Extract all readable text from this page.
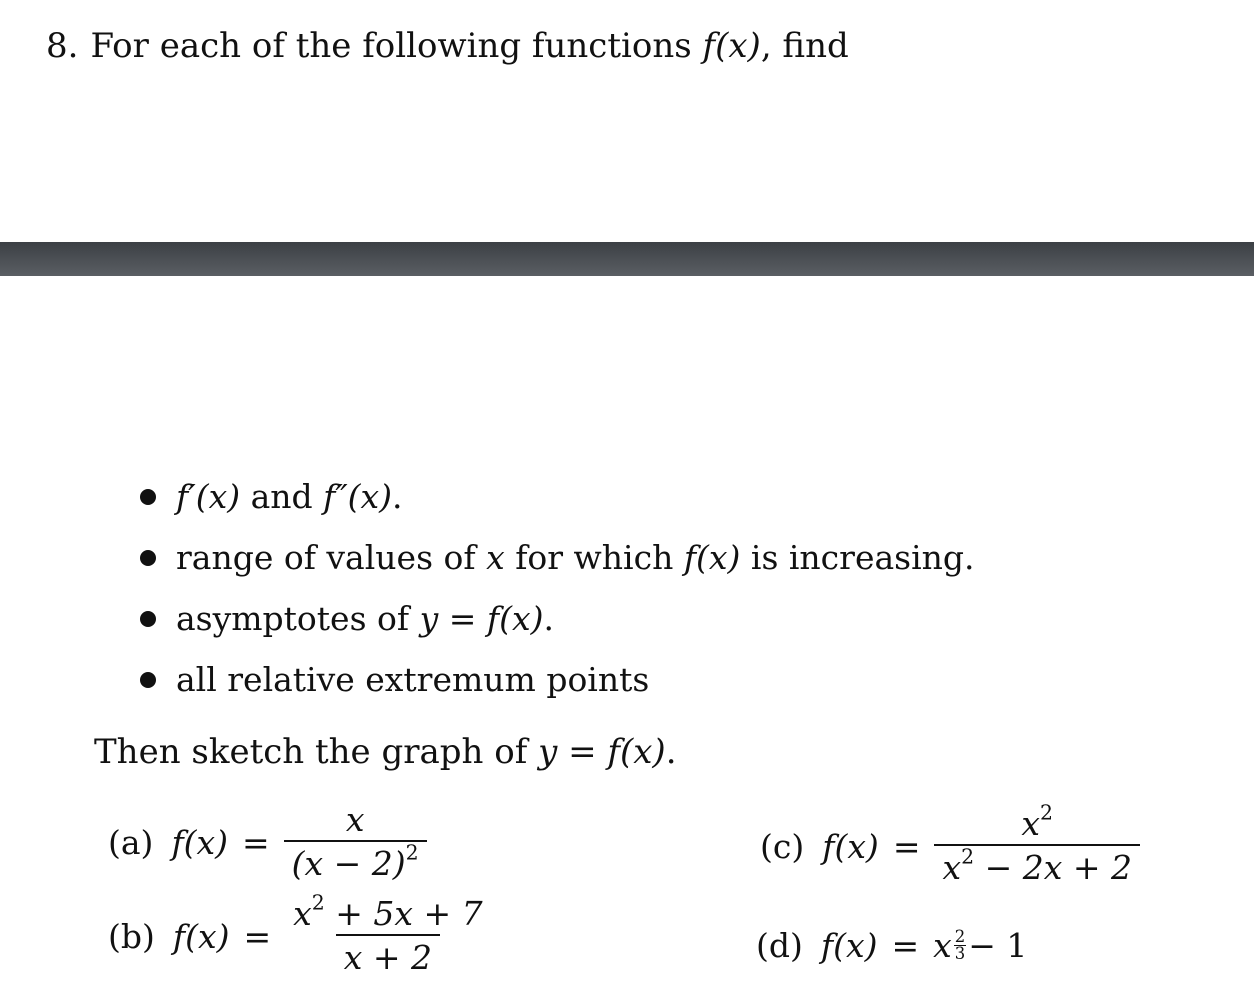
8. For each of the following functions f(x), find
f′(x) and f″(x).
range of values of x for which f(x) is increasing.
asymptotes of y = f(x).
all relative extremum points
Then sketch the graph of y = f(x).
(a) $f(x) = \frac{x}{(x - 2)^2}$
(b) $f(x) = \frac{x^2 + 5x + 7}{x + 2}$
(c) $f(x) = \frac{x^2}{x^2 - 2x + 2}$
(d) f(x) = x $\frac{2}{3} - 1$
